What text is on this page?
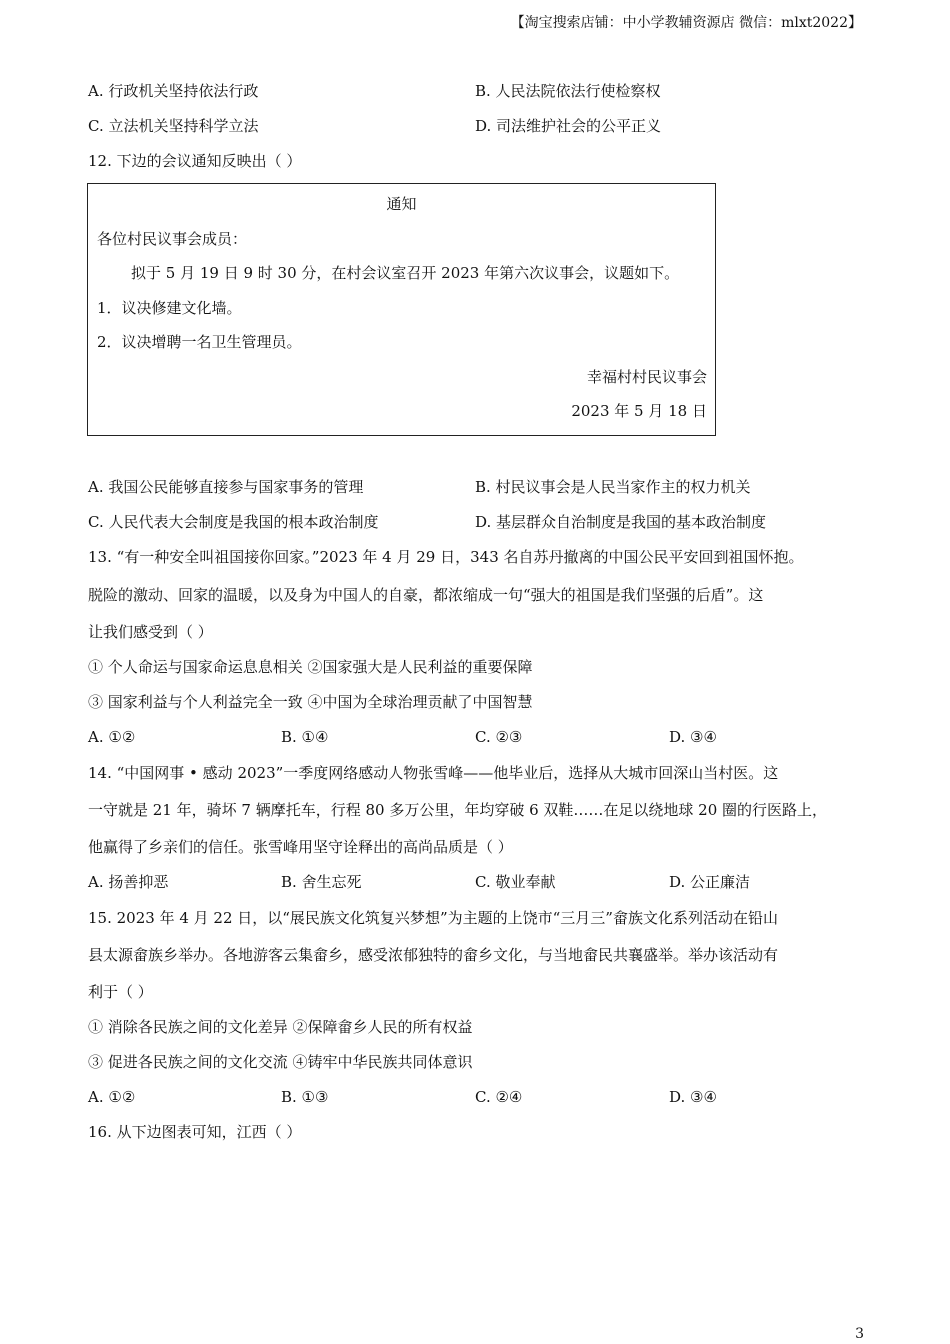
【淘宝搜索店铺：中小学教辅资源店 微信：mlxt2022】
A. 行政机关坚持依法行政	B. 人民法院依法行使检察权
C. 立法机关坚持科学立法	D. 司法维护社会的公平正义
12. 下边的会议通知反映出（ ）
通知
各位村民议事会成员：
拟于 5 月 19 日 9 时 30 分，在村会议室召开 2023 年第六次议事会，议题如下。
1．议决修建文化墙。
2．议决增聘一名卫生管理员。
幸福村村民议事会
2023 年 5 月 18 日
A. 我国公民能够直接参与国家事务的管理	B. 村民议事会是人民当家作主的权力机关
C. 人民代表大会制度是我国的根本政治制度	D. 基层群众自治制度是我国的基本政治制度
13. “有一种安全叫祖国接你回家。”2023 年 4 月 29 日，343 名自苏丹撤离的中国公民平安回到祖国怀抱。
脱险的激动、回家的温暖，以及身为中国人的自豪，都浓缩成一句“强大的祖国是我们坚强的后盾”。这
让我们感受到（ ）
① 个人命运与国家命运息息相关 ②国家强大是人民利益的重要保障
③ 国家利益与个人利益完全一致 ④中国为全球治理贡献了中国智慧
A. ①②	B. ①④	C. ②③	D. ③④
14. “中国网事 • 感动 2023”一季度网络感动人物张雪峰——他毕业后，选择从大城市回深山当村医。这
一守就是 21 年，骑坏 7 辆摩托车，行程 80 多万公里，年均穿破 6 双鞋……在足以绕地球 20 圈的行医路上，
他赢得了乡亲们的信任。张雪峰用坚守诠释出的高尚品质是（ ）
A. 扬善抑恶	B. 舍生忘死	C. 敬业奉献	D. 公正廉洁
15. 2023 年 4 月 22 日，以“展民族文化筑复兴梦想”为主题的上饶市“三月三”畲族文化系列活动在铅山
县太源畲族乡举办。各地游客云集畲乡，感受浓郁独特的畲乡文化，与当地畲民共襄盛举。举办该活动有
利于（ ）
① 消除各民族之间的文化差异 ②保障畲乡人民的所有权益
③ 促进各民族之间的文化交流 ④铸牢中华民族共同体意识
A. ①②	B. ①③	C. ②④	D. ③④
16. 从下边图表可知，江西（ ）
3
